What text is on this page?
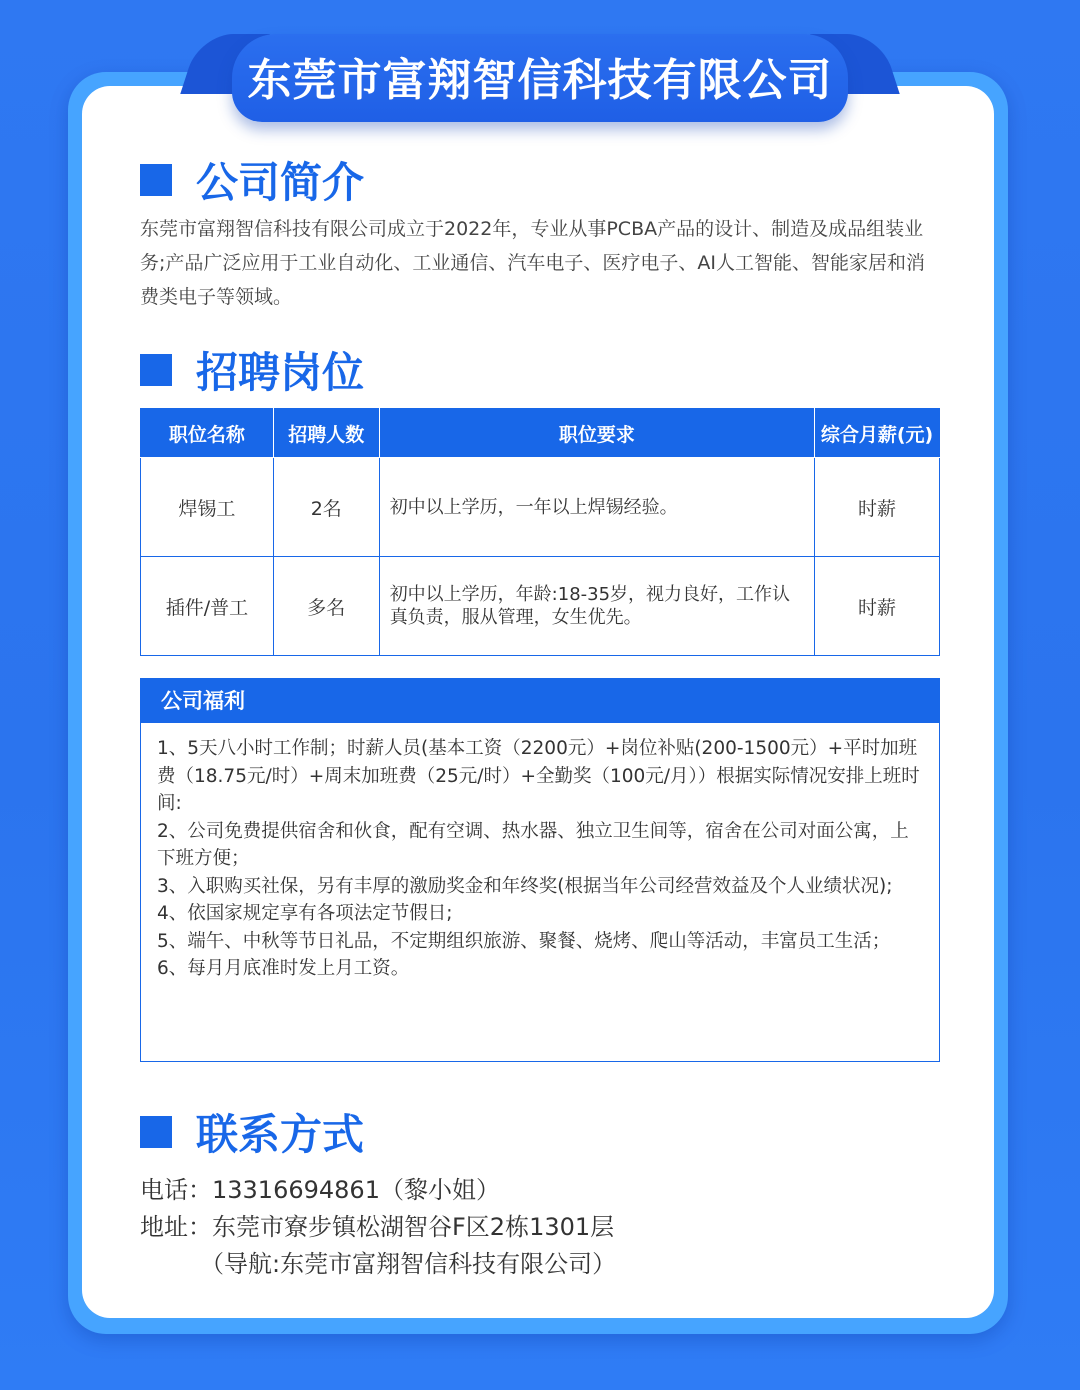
东莞市富翔智信科技有限公司
公司简介
东莞市富翔智信科技有限公司成立于2022年，专业从事PCBA产品的设计、制造及成品组装业务;产品广泛应用于工业自动化、工业通信、汽车电子、医疗电子、AI人工智能、智能家居和消费类电子等领域。
招聘岗位
职位名称	招聘人数	职位要求	综合月薪(元)
焊锡工	2名	初中以上学历，一年以上焊锡经验。	时薪
插件/普工	多名	初中以上学历，年龄:18-35岁，视力良好，工作认真负责，服从管理，女生优先。	时薪
公司福利
1、5天八小时工作制；时薪人员(基本工资（2200元）+岗位补贴(200-1500元）+平时加班费（18.75元/时）+周末加班费（25元/时）+全勤奖（100元/月））根据实际情况安排上班时间:
2、公司免费提供宿舍和伙食，配有空调、热水器、独立卫生间等，宿舍在公司对面公寓，上下班方便；
3、入职购买社保，另有丰厚的激励奖金和年终奖(根据当年公司经营效益及个人业绩状况);
4、依国家规定享有各项法定节假日;
5、端午、中秋等节日礼品，不定期组织旅游、聚餐、烧烤、爬山等活动，丰富员工生活；
6、每月月底准时发上月工资。
联系方式
电话：13316694861（黎小姐）
地址：东莞市寮步镇松湖智谷F区2栋1301层
（导航:东莞市富翔智信科技有限公司）
